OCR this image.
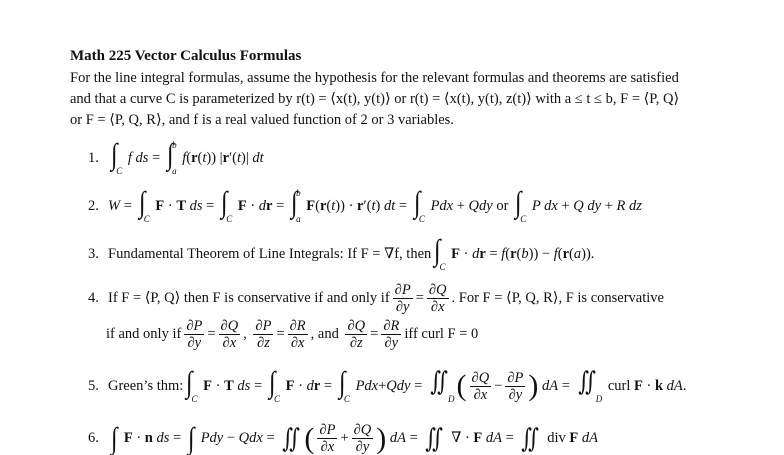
Math 225 Vector Calculus Formulas
For the line integral formulas, assume the hypothesis for the relevant formulas and theorems are satisfied and that a curve C is parameterized by r(t) = ⟨x(t), y(t)⟩ or r(t) = ⟨x(t), y(t), z(t)⟩ with a ≤ t ≤ b, F = ⟨P, Q⟩ or F = ⟨P, Q, R⟩, and f is a real valued function of 2 or 3 variables.
1. ∫
C
f ds = ∫
b
a
f(r(t)) |r′(t)| dt
2. W = ∫
C
F · T ds = ∫
C
F · dr = ∫
b
a
F(r(t)) · r′(t) dt = ∫
C
Pdx + Qdy or ∫
C
P dx + Q dy + R dz
3. Fundamental Theorem of Line Integrals: If F = ∇f, then ∫
C
F · dr = f(r(b)) − f(r(a)).
4. If F = ⟨P, Q⟩ then F is conservative if and only if $\frac{\partial P}{\partial y} = \frac{\partial Q}{\partial x}$ . For F = ⟨P, Q, R⟩, F is conservative
if and only if $\frac{\partial P}{\partial y} = \frac{\partial Q}{\partial x}$ , $\frac{\partial P}{\partial z} = \frac{\partial R}{\partial x}$ , and $\frac{\partial Q}{\partial z} = \frac{\partial R}{\partial y}$ iff curl F = 0
5. Green’s thm: ∫
C
F · T ds = ∫
C
F · dr = ∫
C
Pdx+Qdy = ∬
D ( $\frac{\partial Q}{\partial x} - \frac{\partial P}{\partial y}$ ) dA = ∬
D
curl F · k dA.
6. ∫ F · n ds = ∫ Pdy − Qdx = ∬ ( $\frac{\partial P}{\partial x} + \frac{\partial Q}{\partial y}$ ) dA = ∬ ∇ · F dA = ∬ div F dA
